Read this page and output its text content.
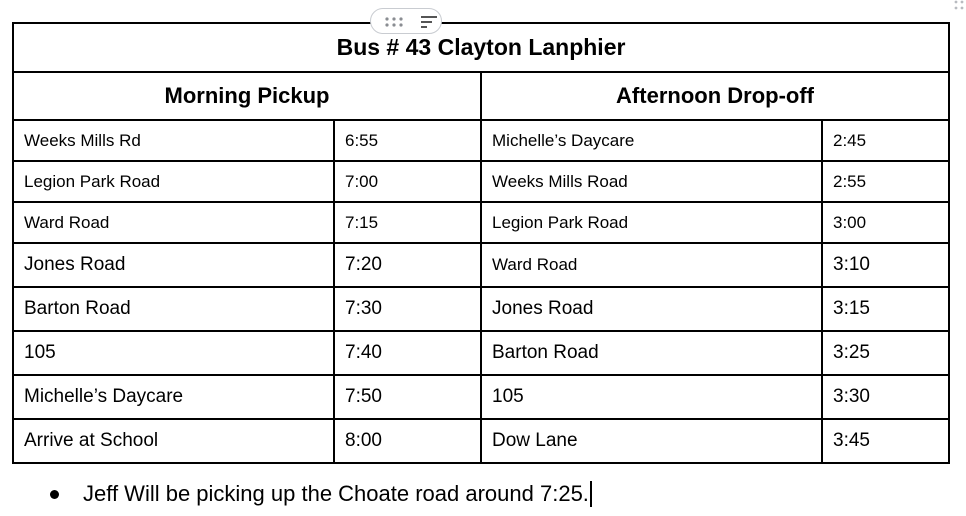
Bus # 43 Clayton Lanphier			
Morning Pickup		Afternoon Drop-off	
Weeks Mills Rd	6:55	Michelle’s Daycare	2:45
Legion Park Road	7:00	Weeks Mills Road	2:55
Ward Road	7:15	Legion Park Road	3:00
Jones Road	7:20	Ward Road	3:10
Barton Road	7:30	Jones Road	3:15
105	7:40	Barton Road	3:25
Michelle’s Daycare	7:50	105	3:30
Arrive at School	8:00	Dow Lane	3:45
Jeff Will be picking up the Choate road around 7:25.
